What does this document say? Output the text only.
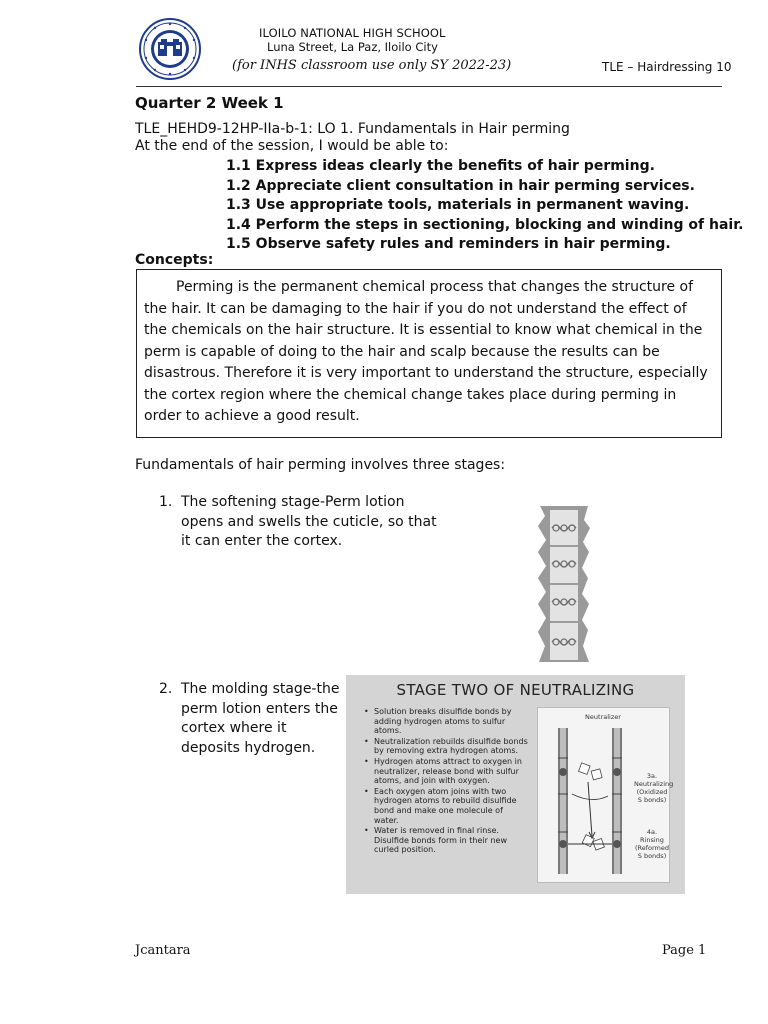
ILOILO NATIONAL HIGH SCHOOL
Luna Street, La Paz, Iloilo City
(for INHS classroom use only SY 2022-23)	TLE – Hairdressing 10
Quarter 2 Week 1
TLE_HEHD9-12HP-IIa-b-1: LO 1. Fundamentals in Hair perming
At the end of the session, I would be able to:
1.1 Express ideas clearly the benefits of hair perming.
1.2 Appreciate client consultation in hair perming services.
1.3 Use appropriate tools, materials in permanent waving.
1.4 Perform the steps in sectioning, blocking and winding of hair.
1.5 Observe safety rules and reminders in hair perming.
Concepts:

Perming is the permanent chemical process that changes the structure of the hair. It can be damaging to the hair if you do not understand the effect of the chemicals on the hair structure. It is essential to know what chemical in the perm is capable of doing to the hair and scalp because the results can be disastrous. Therefore it is very important to understand the structure, especially the cortex region where the chemical change takes place during perming in order to achieve a good result.

Fundamentals of hair perming involves three stages:
1. The softening stage-Perm lotion opens and swells the cuticle, so that it can enter the cortex.
2. The molding stage-the perm lotion enters the cortex where it deposits hydrogen.
STAGE TWO OF NEUTRALIZING
• Solution breaks disulfide bonds by adding hydrogen atoms to sulfur atoms.
• Neutralization rebuilds disulfide bonds by removing extra hydrogen atoms.
• Hydrogen atoms attract to oxygen in neutralizer, release bond with sulfur atoms, and join with oxygen.
• Each oxygen atom joins with two hydrogen atoms to rebuild disulfide bond and make one molecule of water.
• Water is removed in final rinse. Disulfide bonds form in their new curled position.
Neutralizer
3a. Neutralizing (Oxidized S bonds)
4a. Rinsing (Reformed S bonds)
Jcantara	Page 1
